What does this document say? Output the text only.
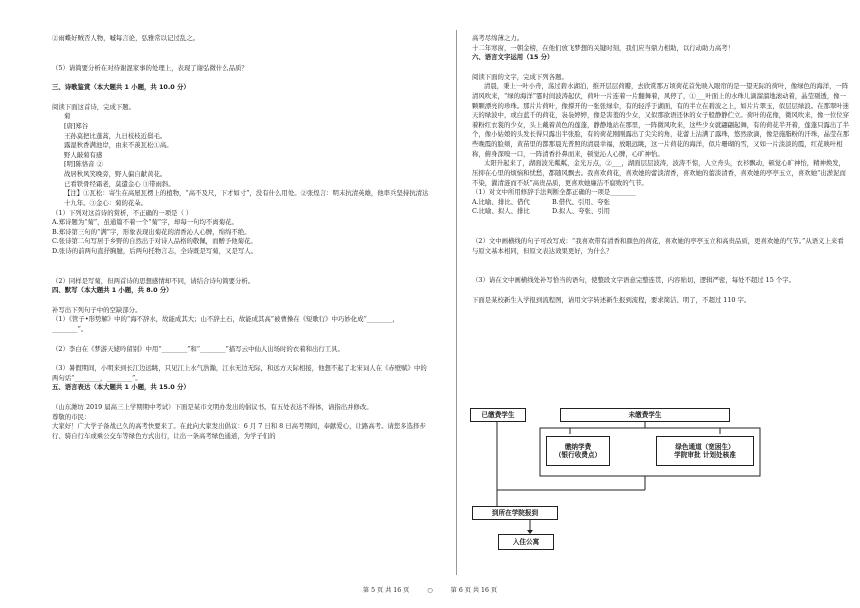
②雨蝶好贼否人物，嘁每言论，弘雅常以记过乱之。
（5）请简要分析在对待谢混家事的处理上，表现了谢弘微什么品质？
三、诗歌鉴赏（本大题共 1 小题，共 10.0 分）
阅读下面这首诗，完成下题。
菊
[唐]郑谷
王孙莫把比蓬蒿，九日枝枝近鬓毛。
露湿秋香满池岸，由来不羡瓦松①高。
野人敲菊有感
[明]陈恪音 ②
战居秋风笑晚旁，野人偏自献黄花。
已看铁骨经霜老，莫遣金心 ③带雨斜。
【注】①瓦松：寄生在高屋瓦楞上的植物，“高不及尺，下才如寸”，没有什么用处。②张煌言：明末抗清英雄，他率兵坚持抗清达十九年。③金心：菊的花朵。
（1）下列对这首诗的赏析，不正确的一项是（ ）
A.郑诗题为“菊”，虽通篇不着一个“菊”字，却每一句均不离菊花。
B.郑诗第三句的“满”字，形象表现出菊花的清香沁人心脾，绵绵不绝。
C.张诗第二句写居于乡野的自然出于对诗人品格的敬佩，而赠予他菊花。
D.张诗的前两句直抒胸臆，后两句托物言志，全诗既是写菊，又是写人。
（2）同样是写菊，但两首诗的思想感情却不同，请结合诗句简要分析。
四、默写（本大题共 1 小题，共 8.0 分）
补写出下列句子中的空缺部分。
（1）《管子•形势解》中的“海不辞水，故能成其大；山不辞土石，故能成其高”被曹操在《短歌行》中巧妙化成“________，________”。
（2）李白在《梦游天姥吟留别》中用“________”和“________”描写云中仙人出场时的衣着和出行工具。
（3）暑假期间，小明来到长江边远眺，只见江上水气浩瀚，江水无边无际，和远方天际相接，他想不起了北宋词人在《赤壁赋》中的两句话“________，________”。
五、语言表达（本大题共 1 小题，共 15.0 分）
（山东潍坊 2019 届高三上学期期中考试）下面是某市文明办发出的倡议书。有五处表达不得体，请指出并修改。
尊敬的市民：
大家好！广大学子备战已久的高考快要来了。在此向大家发出倡议：6 月 7 日和 8 日高考期间，奉献爱心，让路高考。请您多选择步行、骑自行车或乘公交车等绿色方式出行，让出一条高考绿色通道，为学子们的
高考尽绵薄之力。
十二年寒窗，一朝金榜，在他们放飞梦想的关键时刻，我们应当鼎力相助，以行动助力高考！
六、语言文字运用（15 分）
阅读下面的文字，完成下列各题。
清晨，秉上一叶小舟，荡过碧水湖泊，推开层层荷瓣，去欣赏那万顷荷花首先映入眼帘的是一望无际的荷叶，像绿色的海洋，一阵清风吹来，“绿的海洋”霎时间波涛起伏，荷叶一片连着一片翻舞着，风停了，①___叶面上的水珠儿滴溜溜地滚动着，晶莹剔透，像一颗颗漂亮的珍珠。那片片荷叶，像撑开的一张张绿伞，有的轻浮于湖面，有的半立在碧波之上，如片片翠玉，似层层绿浪。在那翠叶迷天的绿波中，或白蓝千的荷花，袅袅婷婷，像是害羞的少女，又似那欲语还休的女子般静静伫立。荷叶的花像，微风吹来，像一位位穿着粉红衣裳的少女，头上戴着黄色的莲蓬，静静地站在那里，一阵微风吹来，这些少女就翩翩起舞，有的荷花半开着，莲蓬只露出了半个，像小姑娘的头发长得只露出半张脸，有的荷花刚刚露出了尖尖的角，花蕾上沾满了露珠，悠然欲滴，像是施脂粉的汗珠，晶莹在那些晚霞的脸颊，黄苗里的都那晨光普照的清晨幸福，放眼远眺，这一片荷花的海洋，似片珊瑚的雪，又如一片淡淡的霞，红花映叶相称，俯身深嗅一口，一阵清香扑鼻而来，顿觉沁人心脾，心旷神怡。
太阳升起来了，湖面波光粼粼，金光万点，②___，湖面层层波涛，波涛不惊，人立舟头，衣衫飘动，顿觉心旷神怡，精神焕发，压抑在心里的烦恼和忧愁，都随风飘去。我喜欢荷花，喜欢她的蕾淡清香，喜欢她的蕾淡清香，喜欢她的亭亭玉立，喜欢她“出淤泥而不染，濯清涟而不妖”高贵品质，更喜欢她廉洁不腐败的气节。
（1）对文中所用修辞手法判断全都正确的一项是________
A.比喻、排比、借代	B.借代、引用、夸张
C.比喻、拟人、排比	D.拟人、夸张、引用
（2）文中画横线的句子可改写成：“我喜欢带有清香和颜色的荷花，喜欢她的亭亭玉立和高贵品质，更喜欢她的气节。”从语义上来看与原文基本相同，但原文表达效果更好，为什么？
（3）请在文中画横线处补写恰当的语句，使整段文字语意完整连贯，内容贴切，逻辑严密，每处不超过 15 个字。
下面是某校新生入学报到流程图，请用文字转述新生报到流程，要求简洁、明了，不超过 110 字。
已缴费学生	未缴费学生
缴纳学费
（银行收费点）
绿色通道（宽困生）
学院审批 计划处核准
到所在学院报到
入住公寓
第 5 页 共 16 页	○	第 6 页 共 16 页
